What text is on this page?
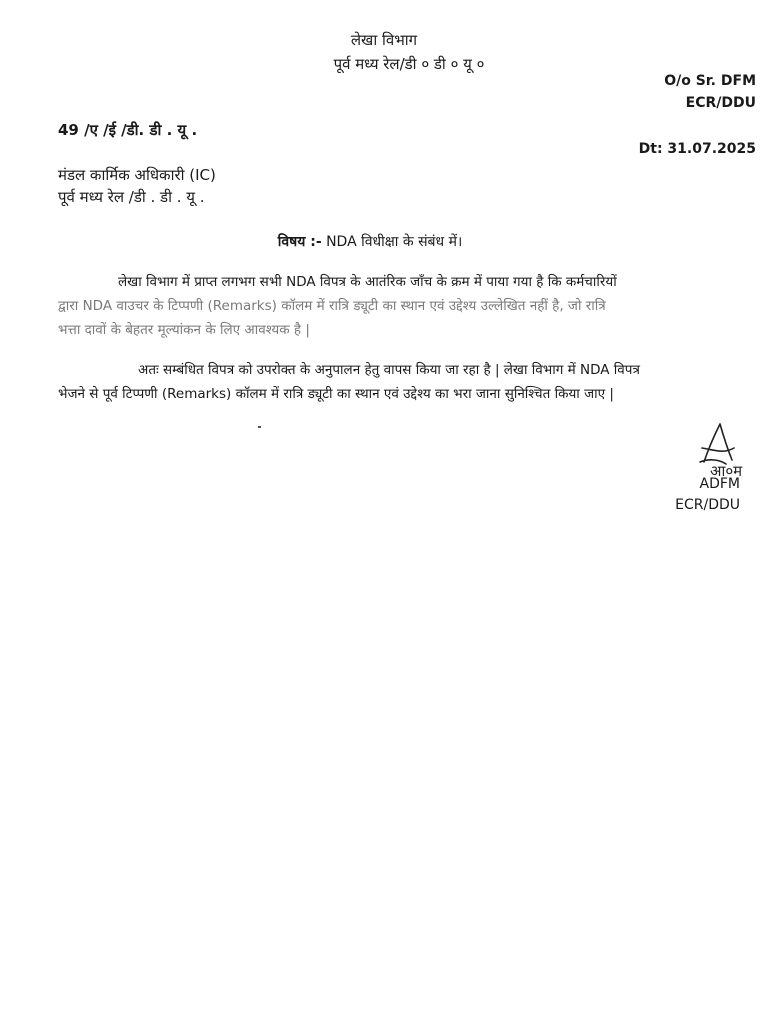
लेखा विभाग
पूर्व मध्य रेल/डी ० डी ० यू ०
O/o Sr. DFM
ECR/DDU
49 /ए /ई /डी. डी . यू .
Dt: 31.07.2025
मंडल कार्मिक अधिकारी (IC)
पूर्व मध्य रेल /डी . डी . यू .
विषय :- NDA विधीक्षा के संबंध में।
लेखा विभाग में प्राप्त लगभग सभी NDA विपत्र के आतंरिक जाँच के क्रम में पाया गया है कि कर्मचारियों
द्वारा NDA वाउचर के टिप्पणी (Remarks) कॉलम में रात्रि ड्यूटी का स्थान एवं उद्देश्य उल्लेखित नहीं है, जो रात्रि
भत्ता दावों के बेहतर मूल्यांकन के लिए आवश्यक है |
अतः सम्बंधित विपत्र को उपरोक्त के अनुपालन हेतु वापस किया जा रहा है | लेखा विभाग में NDA विपत्र
भेजने से पूर्व टिप्पणी (Remarks) कॉलम में रात्रि ड्यूटी का स्थान एवं उद्देश्य का भरा जाना सुनिश्चित किया जाए |
आ०म
ADFM
ECR/DDU
